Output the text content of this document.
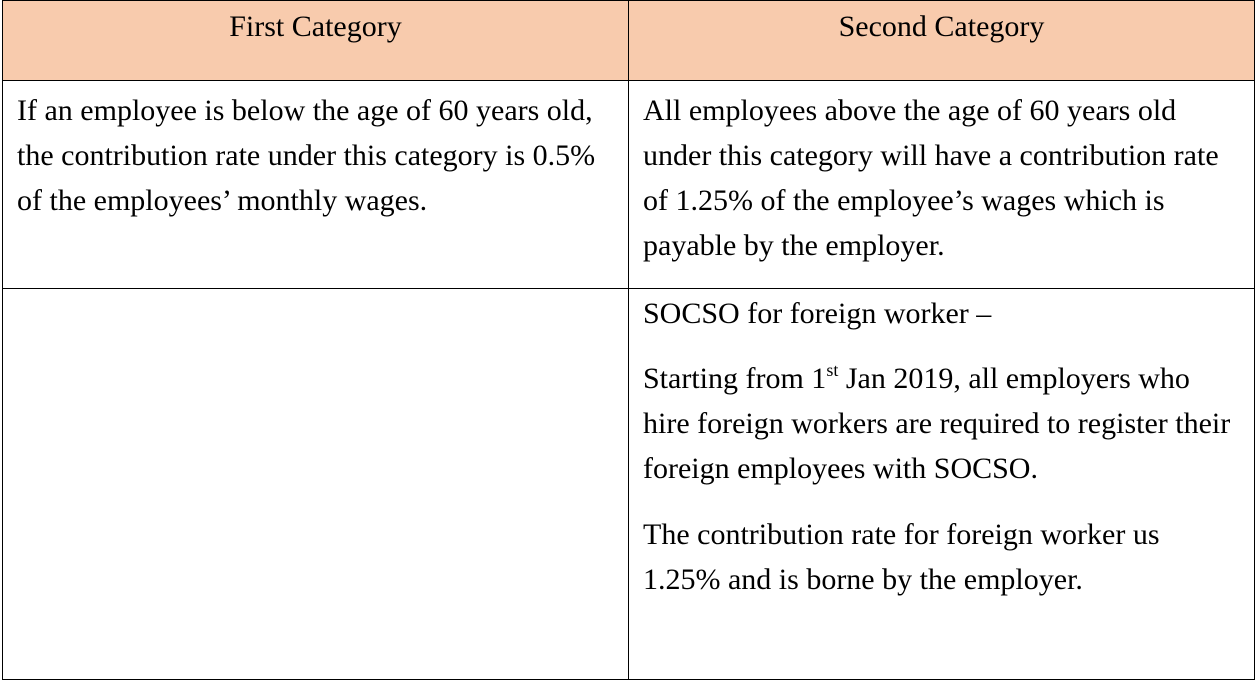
First Category	Second Category

If an employee is below the age of 60 years old, the contribution rate under this category is 0.5% of the employees’ monthly wages.	All employees above the age of 60 years old under this category will have a contribution rate of 1.25% of the employee’s wages which is payable by the employer.

	SOCSO for foreign worker –

Starting from 1st Jan 2019, all employers who hire foreign workers are required to register their foreign employees with SOCSO.

The contribution rate for foreign worker us 1.25% and is borne by the employer.
